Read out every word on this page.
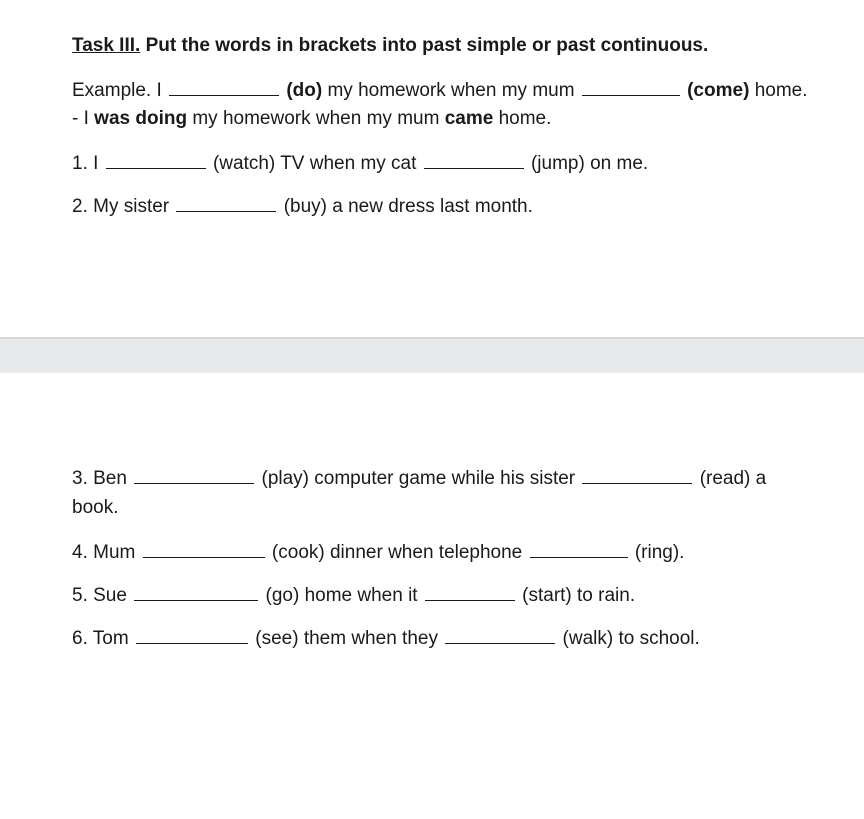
Task III. Put the words in brackets into past simple or past continuous.
Example. I	(do) my homework when my mum	(come) home.
- I was doing my homework when my mum came home.
1. I	(watch) TV when my cat	(jump) on me.
2. My sister	(buy) a new dress last month.
3. Ben	(play) computer game while his sister	(read) a
book.
4. Mum	(cook) dinner when telephone	(ring).
5. Sue	(go) home when it	(start) to rain.
6. Tom	(see) them when they	(walk) to school.
